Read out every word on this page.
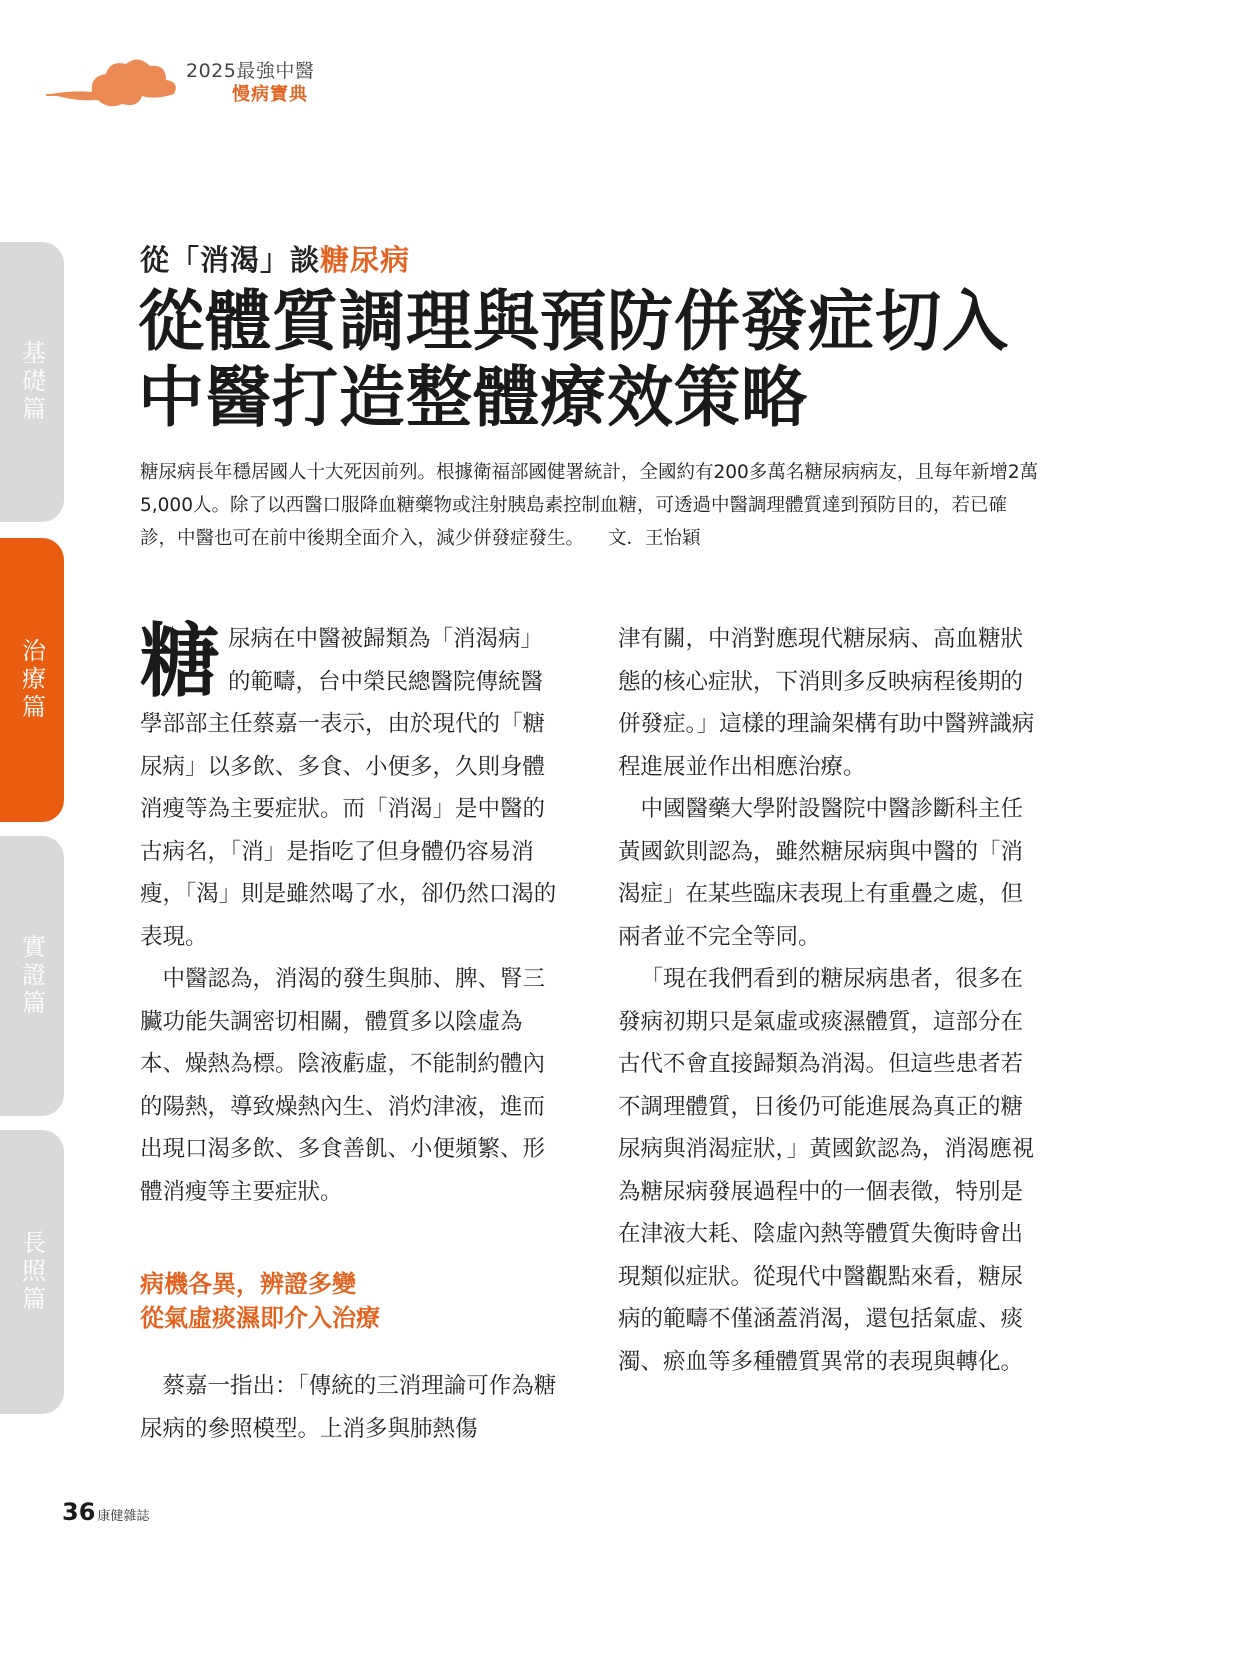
2025最強中醫
慢病寶典
基礎篇
治療篇
實證篇
長照篇
從「消渴」談糖尿病
從體質調理與預防併發症切入
中醫打造整體療效策略
糖尿病長年穩居國人十大死因前列。根據衛福部國健署統計，全國約有200多萬名糖尿病病友，且每年新增2萬5,000人。除了以西醫口服降血糖藥物或注射胰島素控制血糖，可透過中醫調理體質達到預防目的，若已確診，中醫也可在前中後期全面介入，減少併發症發生。 文．王怡穎

糖尿病在中醫被歸類為「消渴病」的範疇，台中榮民總醫院傳統醫學部部主任蔡嘉一表示，由於現代的「糖尿病」以多飲、多食、小便多，久則身體消瘦等為主要症狀。而「消渴」是中醫的古病名，「消」是指吃了但身體仍容易消瘦，「渴」則是雖然喝了水，卻仍然口渴的表現。

中醫認為，消渴的發生與肺、脾、腎三臟功能失調密切相關，體質多以陰虛為本、燥熱為標。陰液虧虛，不能制約體內的陽熱，導致燥熱內生、消灼津液，進而出現口渴多飲、多食善飢、小便頻繁、形體消瘦等主要症狀。

病機各異，辨證多變
從氣虛痰濕即介入治療

蔡嘉一指出：「傳統的三消理論可作為糖尿病的參照模型。上消多與肺熱傷

津有關，中消對應現代糖尿病、高血糖狀態的核心症狀，下消則多反映病程後期的併發症。」這樣的理論架構有助中醫辨識病程進展並作出相應治療。

中國醫藥大學附設醫院中醫診斷科主任黃國欽則認為，雖然糖尿病與中醫的「消渴症」在某些臨床表現上有重疊之處，但兩者並不完全等同。

「現在我們看到的糖尿病患者，很多在發病初期只是氣虛或痰濕體質，這部分在古代不會直接歸類為消渴。但這些患者若不調理體質，日後仍可能進展為真正的糖尿病與消渴症狀，」黃國欽認為，消渴應視為糖尿病發展過程中的一個表徵，特別是在津液大耗、陰虛內熱等體質失衡時會出現類似症狀。從現代中醫觀點來看，糖尿病的範疇不僅涵蓋消渴，還包括氣虛、痰濁、瘀血等多種體質異常的表現與轉化。

36 康健雜誌
